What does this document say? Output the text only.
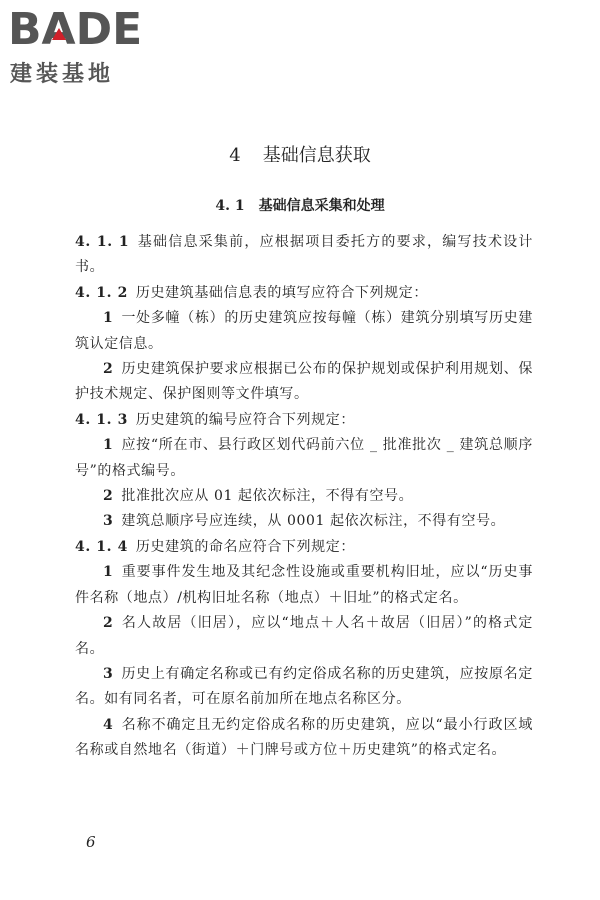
BA
DE
建装基地
4 基础信息获取
4. 1 基础信息采集和处理

4. 1. 1 基础信息采集前，应根据项目委托方的要求，编写技术设计书。

4. 1. 2 历史建筑基础信息表的填写应符合下列规定：

1 一处多幢（栋）的历史建筑应按每幢（栋）建筑分别填写历史建筑认定信息。

2 历史建筑保护要求应根据已公布的保护规划或保护利用规划、保护技术规定、保护图则等文件填写。

4. 1. 3 历史建筑的编号应符合下列规定：

1 应按“所在市、县行政区划代码前六位 _ 批准批次 _ 建筑总顺序号”的格式编号。

2 批准批次应从 01 起依次标注，不得有空号。

3 建筑总顺序号应连续，从 0001 起依次标注，不得有空号。

4. 1. 4 历史建筑的命名应符合下列规定：

1 重要事件发生地及其纪念性设施或重要机构旧址，应以“历史事件名称（地点）/机构旧址名称（地点）＋旧址”的格式定名。

2 名人故居（旧居），应以“地点＋人名＋故居（旧居）”的格式定名。

3 历史上有确定名称或已有约定俗成名称的历史建筑，应按原名定名。如有同名者，可在原名前加所在地点名称区分。

4 名称不确定且无约定俗成名称的历史建筑，应以“最小行政区域名称或自然地名（街道）＋门牌号或方位＋历史建筑”的格式定名。

6
